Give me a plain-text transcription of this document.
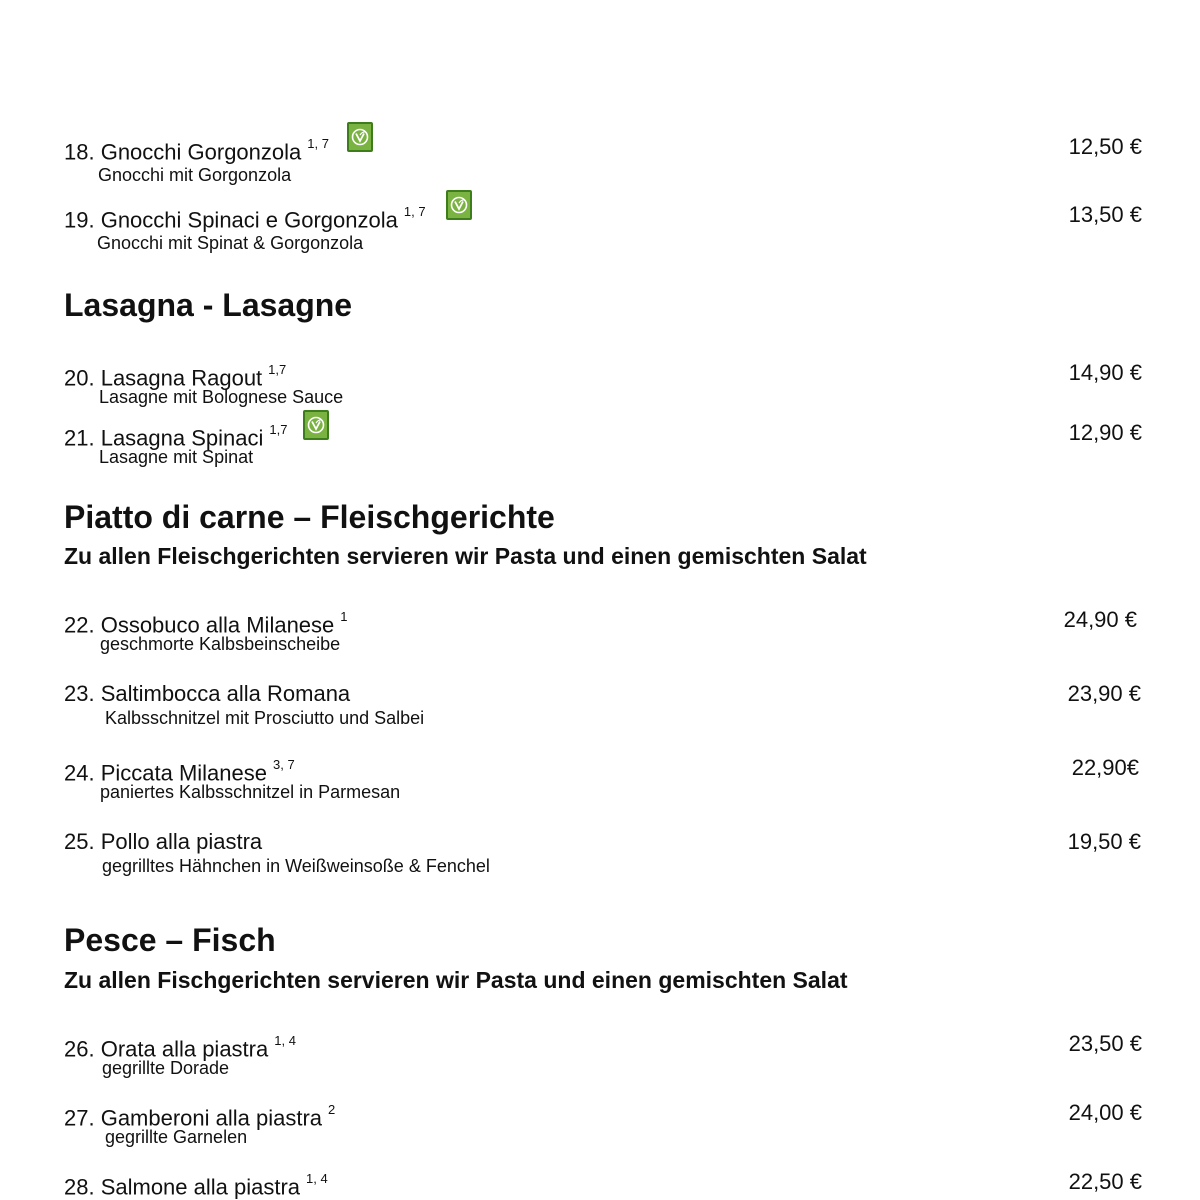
Lasagna - Lasagne
Piatto di carne – Fleischgerichte
Zu allen Fleischgerichten servieren wir Pasta und einen gemischten Salat
Pesce – Fisch
Zu allen Fischgerichten servieren wir Pasta und einen gemischten Salat
18. Gnocchi Gorgonzola $^{1, 7}$
Gnocchi mit Gorgonzola
12,50 €
19. Gnocchi Spinaci e Gorgonzola $^{1, 7}$
Gnocchi mit Spinat & Gorgonzola
13,50 €
20. Lasagna Ragout $^{1,7}$
Lasagne mit Bolognese Sauce
14,90 €
21. Lasagna Spinaci $^{1,7}$
Lasagne mit Spinat
12,90 €
22. Ossobuco alla Milanese $^1$
geschmorte Kalbsbeinscheibe
24,90 €
23. Saltimbocca alla Romana
Kalbsschnitzel mit Prosciutto und Salbei
23,90 €
24. Piccata Milanese $^{3, 7}$
paniertes Kalbsschnitzel in Parmesan
22,90€
25. Pollo alla piastra
gegrilltes Hähnchen in Weißweinsoße & Fenchel
19,50 €
26. Orata alla piastra $^{1, 4}$
gegrillte Dorade
23,50 €
27. Gamberoni alla piastra $^2$
gegrillte Garnelen
24,00 €
28. Salmone alla piastra $^{1, 4}$	22,50 €
